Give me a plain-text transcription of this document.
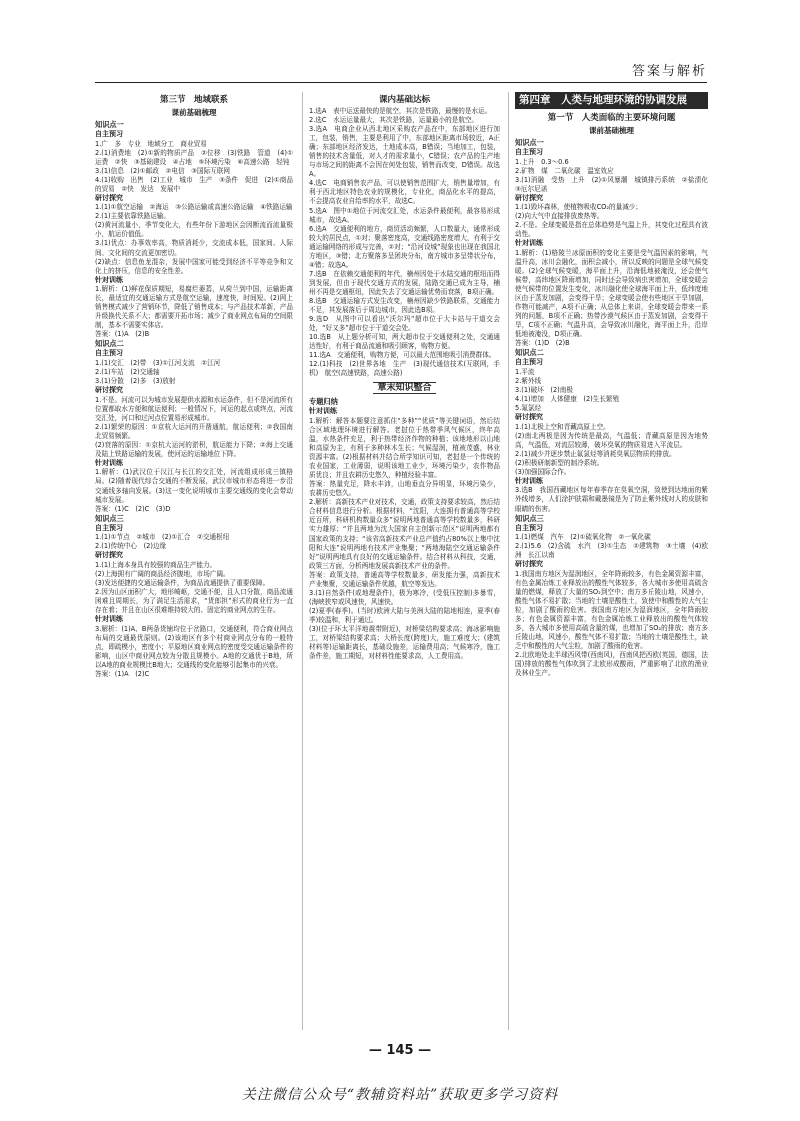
答案与解析
第三节　地域联系
课前基础梳理
知识点一
自主预习
1.广　多　专业　地域分工　商业贸易
2.(1)消费地　(2)①新的物质产品　②位移　(3)铁路　管道　(4)①运费　②快　③基础建设　④占地　⑤环境污染　⑥高速公路　轻钝
3.(1)信息　(2)①邮政　②电信　③国际互联网
4.(1)收购　出售　(2)工业　城市　生产　③条件　促进　(2)①商品的贸易　②快　发达　发展中
研讨探究
1.(1)①航空运输　②海运　③公路运输或高速公路运输　④铁路运输
2.(1)主要依靠铁路运输。
(2)黄河流量小，季节变化大，有些年份下游地区会因断流而流量极小，航运价值低。
3.(1)优点：办事效率高，物质消耗少，交流成本低，国家间、人际间、文化间的交流更加密切。
(2)缺点：信息鱼龙混杂，发展中国家可能受到经济不平等竞争和文化上的挤压，信息的安全性差。
针对训练
1.解析：(1)鲜花保质期短，易腐烂萎蔫，从荷兰到中国，运输距离长，最适宜的交通运输方式是航空运输，速度快，时间短。(2)网上销售模式减少了营销环节，降低了销售成本；与产品技术革新，产品升级换代关系不大；都需要开拓市场；减少了商业网点布局的空间限制，基本不需要实体店。
答案：(1)A　(2)B
知识点二
自主预习
1.(1)交汇　(2)带　(3)①江河支流　②江河
2.(1)车站　(2)交通轴
3.(1)分散　(2)多　(3)放射
研讨探究
1.不是。河流可以为城市发展提供水源和水运条件，但不是河流所有位置都取水方便和航运便利；一般情况下，河运的起点或终点，河流交汇处，河口和过河点位置易形成城市。
2.(1)繁荣的原因：①京杭大运河的开凿通航，航运便利；②我国南北贸易频繁。
(2)衰落的原因：①京杭大运河的淤积，航运能力下降；②海上交通及陆上铁路运输的发展，使河运的运输地位下降。
针对训练
1.解析：(1)武汉位于汉江与长江的交汇处，河流组成形成三镇格局。(2)随着现代综合交通的不断发展，武汉市城市形态将进一步沿交通线多轴向发展。(3)这一变化说明城市主要交通线的变化会带动城市发展。
答案：(1)C　(2)C　(3)D
知识点三
自主预习
1.(1)①节点　②城市　(2)①汇合　②交通枢纽
2.(1)传统中心　(2)边缘
研讨探究
1.(1)上海本身具有较强的商品生产能力。
(2)上海拥有广阔的商品经济腹地，市场广阔。
(3)发达便捷的交通运输条件，为商品流通提供了重要保障。
2.因为山区面积广大，地形崎岖，交通不便，且人口分散，商品流通困难且周期长，为了满足生活需求，“货郎担”形式的商业行为一直存在着；并且在山区很难维持较大的、固定的商业网点的生存。
针对训练
3.解析：(1)A、B两条货铺均位于岔路口，交通便利，符合商业网点布局的交通最优原则。(2)该地区有多个村商业网点分布的一般特点，即疏模小，密度小；平原地区商业网点的密度受交通运输条件的影响，山区中商业网点较为分散且规模小。A地的交通优于B地，所以A地的商业规模比B地大；交通线的变化能够引起集市的兴衰。
答案：(1)A　(2)C
课内基础达标
1.选A　表中运送最快的是航空，其次是铁路，最慢的是水运。
2.选C　水运运量最大，其次是铁路，运量最小的是航空。
3.选A　电商企业从西北地区采购农产品在中，东部地区进行加工，包装，销售，主要是利用了中，东部地区距离市场较近，A正确；东部地区经济发达，土地成本高，B错误；当地加工，包装，销售的技术含量低，对人才的需求量小，C错误；农产品的生产地与市场之间的距离不会因在何处包装，销售而改变，D错误。故选A。
4.选C　电商销售农产品，可以使销售范围扩大，销售量增加，有利于西北地区特色农业的规模化，专业化，商品化水平的提高，不会提高农业自给率的水平，故选C。
5.选A　图中①地位于河流交汇处，水运条件最便利，最容易形成城市，故选A。
6.选A　交通便利的地方，商贸活动频繁，人口数量大，通常形成较大的居民点，①对；聚落密度高，交通线路密度增大，有利于交通运输网络的形成与完善，②对；“沿河设城”现象也出现在我国北方地区，③错；北方聚落多呈团块分布，南方城市多呈带状分布，④错；故选A。
7.选B　在依赖交通便利的年代，楠州因处于水陆交通的枢纽而得到发展，但由于现代交通方式的发展，陆路交通已成为主导，楠州不再是交通枢纽，因此失去了交通运输优势而衰落，B项正确。
8.选B　交通运输方式发生改变，楠州因缺少铁路联系，交通能力不足，其发展落后于周边城市，因此选B项。
9.选D　从图中可以看出“沃尔玛”超市位于大卡站与干道交会处，“好又多”超市位于干道交会处。
10.选B　从上题分析可知，两大超市位于交通便利之处，交通通达性好，有利于商品流通和吸引顾客，购物方便。
11.选A　交通便利，购物方便，可以最大范围地吸引消费群体。
12.(1)科技　(2)世界各地　生产　(3)现代通信技术(互联网，手机)　航空(高速铁路，高速公路)
章末知识整合
专题归纳
针对训练
1.解析：解答本题要注意抓住“多种”“优质”等关键词语，然后结合区域地理环境进行解答。老挝位于热带季风气候区，终年高温，水热条件充足，利于热带经济作物的种植；该地地形以山地和高原为主，有利于多种林木生长；气候湿润，植被茂盛，林业资源丰富。(2)根据材料并结合所学知识可知，老挝是一个传统的农业国家，工业薄弱，说明该地工业少，环境污染少，农作物品质优良；并且农耕历史悠久，种植经验丰富。
答案：热量充足，降水丰沛，山地垂直分异明显，环境污染少，农耕历史悠久。
2.解析：高新技术产业对技术，交通，政策支持要求较高，然后结合材料信息进行分析。根据材料，“沈阳，大连拥有普通高等学校近百所，科研机构数量众多”说明两地普通高等学校数量多，科研实力雄厚；“并且两地为沈大国家自主创新示范区”说明两地都有国家政策的支持；“该省高新技术产业总产值约占80%以上集中沈阳和大连”说明两地有技术产业集聚；“两地海陆空交通运输条件好”说明两地具有良好的交通运输条件。结合材料从科技，交通，政策三方面，分析两地发展高新技术产业的条件。
答案：政策支持，普通高等学校数量多，研发能力强，高新技术产业集聚，交通运输条件优越，航空等发达。
3.(1)自然条件(或地理条件)，极为寒冷，(受低压控制)多暴雪，(海峡狭窄或风速快，风速快。
(2)夏季(春季)。(当时)欧洲大陆与美洲大陆的陆地相连，夏季(春季)较温和，利于通过。
(3)(位于环太平洋地震带附近)，对桥梁结构要求高；海冰影响施工，对桥梁结构要求高；大桥长度(跨度)大，施工难度大；(建筑材料等)运输距离长，基础设施差，运输费用高；气候寒冷，施工条件差，施工期短，对材料性能要求高，人工费用高。
第四章　人类与地理环境的协调发展
第一节　人类面临的主要环境问题
课前基础梳理
知识点一
自主预习
1.上升　0.3～0.6
2.矿物　煤　二氧化碳　温室效应
3.(1)消融　受热　上升　(2)①风暴潮　城镇排污系统　②盐渍化　③厄尔尼诺
研讨探究
1.(1)毁坏森林，使植物吸收CO₂的量减少；
(2)向大气中直接排放废热等。
2.不是。全球变暖是指在总体趋势是气温上升，其变化过程具有波动性。
针对训练
1.解析：(1)格陵兰冰原面积的变化主要是受气温因素的影响，气温升高，冰川会融化，面积会减小，所以反映的问题是全球气候变暖。(2)全球气候变暖，海平面上升，沿海低地被淹没，还会使气候带，高纬地区降雨增加，同时还会导致病虫害增加，全球变暖会使气候带的位置发生变化，冰川融化使全球海平面上升，低纬度地区由于蒸发加剧，会变得干旱；全球变暖会使有些地区干旱加剧，作物可能减产，A项不正确；从总体上来讲，全球变暖会带来一系列的问题，B项不正确；热带沙漠气候区由于蒸发加剧，会变得干旱，C项不正确；气温升高，会导致冰川融化，海平面上升，沿岸低地被淹没，D项正确。
答案：(1)D　(2)B
知识点二
自主预习
1.平流
2.紫外线
3.(1)破坏　(2)南极
4.(1)增加　人体健康　(2)生长繁殖
5.氟氯烃
研讨探究
1.(1)北极上空和青藏高原上空。
(2)南北两极是因为传统是最高，气温低；青藏高原是因为地势高，气温低，对流层较薄，破坏臭氧的物质易进入平流层。
2.(1)减少并逐步禁止氟氯烃等消耗臭氧层物质的排放。
(2)积极研制新型的制冷系统。
(3)加强国际合作。
针对训练
3.选B　我国西藏地区每年春季存在臭氧空洞，致使到达地面的紫外线增多，人们涂护肤霜和戴墨镜是为了防止紫外线对人的皮肤和眼睛的伤害。
知识点三
自主预习
1.(1)燃煤　汽车　(2)①硫氧化物　②一氧化碳
2.(1)5.6　(2)含硫　水汽　(3)①生态　②建筑物　③土壤　(4)欧洲　长江以南
研讨探究
1.我国南方地区为湿润地区，全年降雨较多，有色金属资源丰富，有色金属冶炼工业释放出的酸性气体较多，各大城市多使用高硫含量的燃煤，释放了大量的SO₂到空中；南方多丘陵山地，风速小，酸性气体不易扩散；当地的土壤是酸性土，致使中和酸性的大气尘粒，加剧了酸雨的危害。我国南方地区为湿润地区，全年降雨较多；有色金属资源丰富，有色金属冶炼工业释放出的酸性气体较多，各大城市多使用高硫含量的煤，也增加了SO₂的排放；南方多丘陵山地，风速小，酸性气体不易扩散；当地的土壤是酸性土，缺乏中和酸性的大气尘粒，加剧了酸雨的危害。
2.北欧地处北半球西风带(西南风)，西南风把西欧(英国，德国，法国)排放的酸性气体吹到了北欧形成酸雨，严重影响了北欧的渔业及林业生产。
— 145 —
关注微信公众号“教辅资料站”获取更多学习资料
